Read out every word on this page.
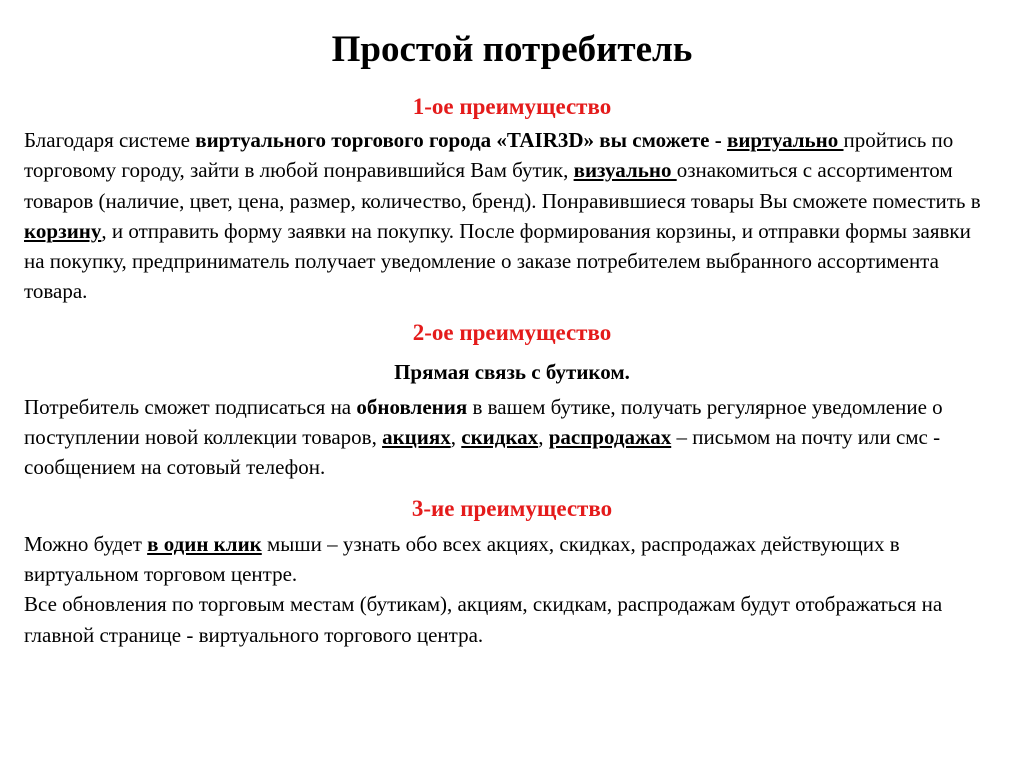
Простой потребитель
1-ое преимущество

Благодаря системе виртуального торгового города «TAIR3D» вы сможете - виртуально пройтись по торговому городу, зайти в любой понравившийся Вам бутик, визуально ознакомиться с ассортиментом товаров (наличие, цвет, цена, размер, количество, бренд). Понравившиеся товары Вы сможете поместить в корзину, и отправить форму заявки на покупку. После формирования корзины, и отправки формы заявки на покупку, предприниматель получает уведомление о заказе потребителем выбранного ассортимента товара.

2-ое преимущество
Прямая связь с бутиком.

Потребитель сможет подписаться на обновления в вашем бутике, получать регулярное уведомление о поступлении новой коллекции товаров, акциях, скидках, распродажах – письмом на почту или смс - сообщением на сотовый телефон.

3-ие преимущество

Можно будет в один клик мыши – узнать обо всех акциях, скидках, распродажах действующих в виртуальном торговом центре.

Все обновления по торговым местам (бутикам), акциям, скидкам, распродажам будут отображаться на главной странице - виртуального торгового центра.
